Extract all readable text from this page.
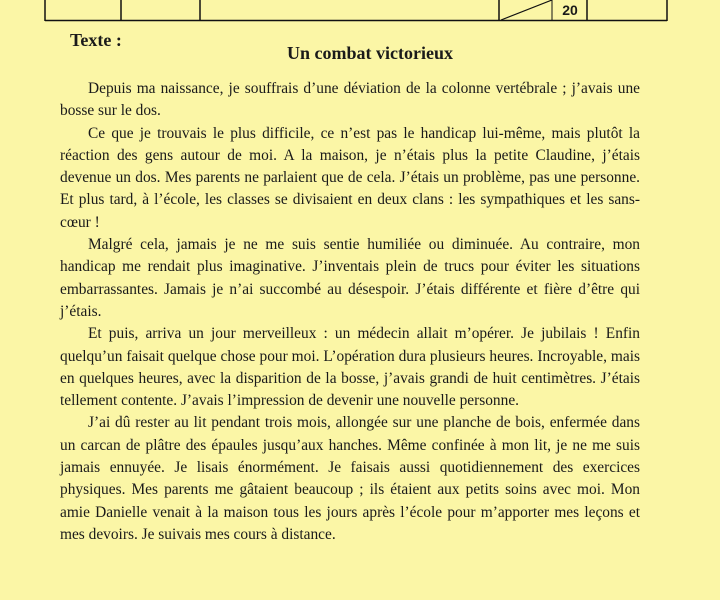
20
Texte :
Un combat victorieux

Depuis ma naissance, je souffrais d’une déviation de la colonne vertébrale ; j’avais une bosse sur le dos.

Ce que je trouvais le plus difficile, ce n’est pas le handicap lui-même, mais plutôt la réaction des gens autour de moi. A la maison, je n’étais plus la petite Claudine, j’étais devenue un dos. Mes parents ne parlaient que de cela. J’étais un problème, pas une personne. Et plus tard, à l’école, les classes se divisaient en deux clans : les sympathiques et les sans-cœur !

Malgré cela, jamais je ne me suis sentie humiliée ou diminuée. Au contraire, mon handicap me rendait plus imaginative. J’inventais plein de trucs pour éviter les situations embarrassantes. Jamais je n’ai succombé au désespoir. J’étais différente et fière d’être qui j’étais.

Et puis, arriva un jour merveilleux : un médecin allait m’opérer. Je jubilais ! Enfin quelqu’un faisait quelque chose pour moi. L’opération dura plusieurs heures. Incroyable, mais en quelques heures, avec la disparition de la bosse, j’avais grandi de huit centimètres. J’étais tellement contente. J’avais l’impression de devenir une nouvelle personne.

J’ai dû rester au lit pendant trois mois, allongée sur une planche de bois, enfermée dans un carcan de plâtre des épaules jusqu’aux hanches. Même confinée à mon lit, je ne me suis jamais ennuyée. Je lisais énormément. Je faisais aussi quotidiennement des exercices physiques. Mes parents me gâtaient beaucoup ; ils étaient aux petits soins avec moi. Mon amie Danielle venait à la maison tous les jours après l’école pour m’apporter mes leçons et mes devoirs. Je suivais mes cours à distance.
